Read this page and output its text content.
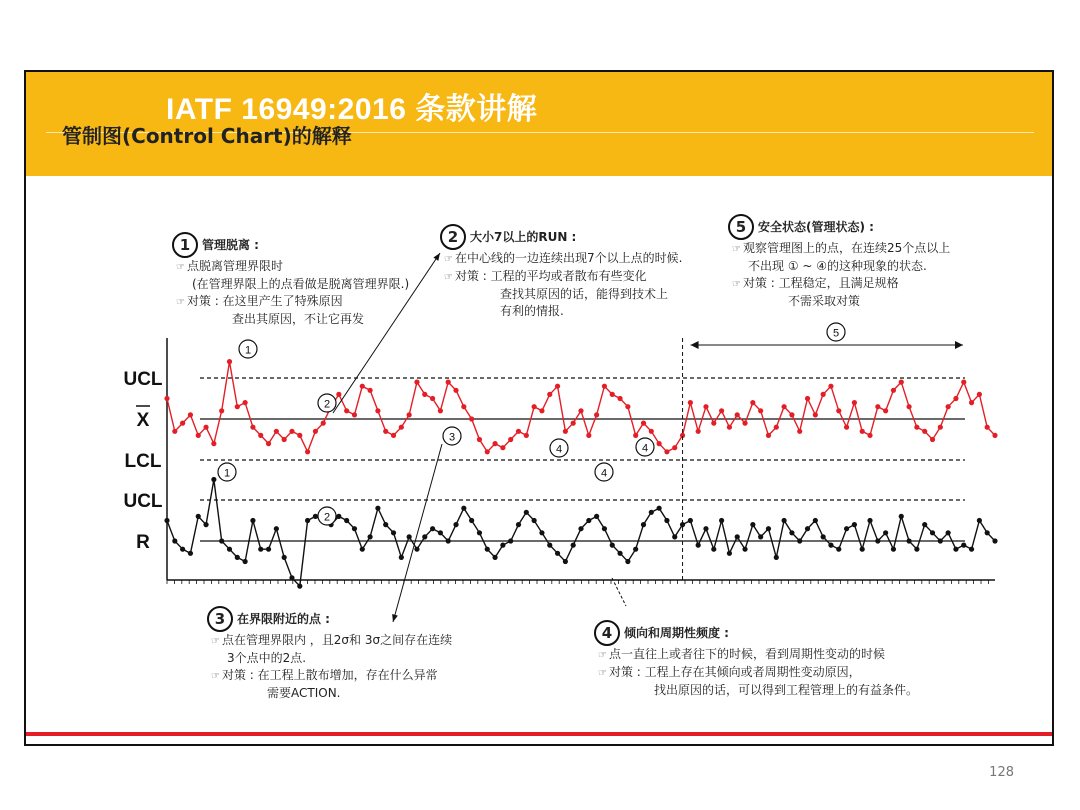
IATF 16949:2016 条款讲解
管制图(Control Chart)的解释
1 管理脱离 :
☞ 点脱离管理界限时
(在管理界限上的点看做是脱离管理界限.)
☞ 对策 : 在这里产生了特殊原因
查出其原因，不让它再发
2 大小7以上的RUN :
☞ 在中心线的一边连续出现7个以上点的时候.
☞ 对策 : 工程的平均或者散布有些变化
查找其原因的话，能得到技术上
有利的情报.
5 安全状态(管理状态) :
☞ 观察管理图上的点，在连续25个点以上
不出现 ① ~ ④的这种现象的状态.
☞ 对策 : 工程稳定，且满足规格
不需采取对策
3 在界限附近的点 :
☞ 点在管理界限内 ，且2σ和 3σ之间存在连续
3个点中的2点.
☞ 对策 : 在工程上散布增加，存在什么异常
需要ACTION.
4 倾向和周期性频度 :
☞ 点一直往上或者往下的时候，看到周期性变动的时候
☞ 对策 : 工程上存在其倾向或者周期性变动原因，
找出原因的话，可以得到工程管理上的有益条件。
UCL
X
LCL
UCL
R
1
2
3
4	4
4
1
2
5
128
